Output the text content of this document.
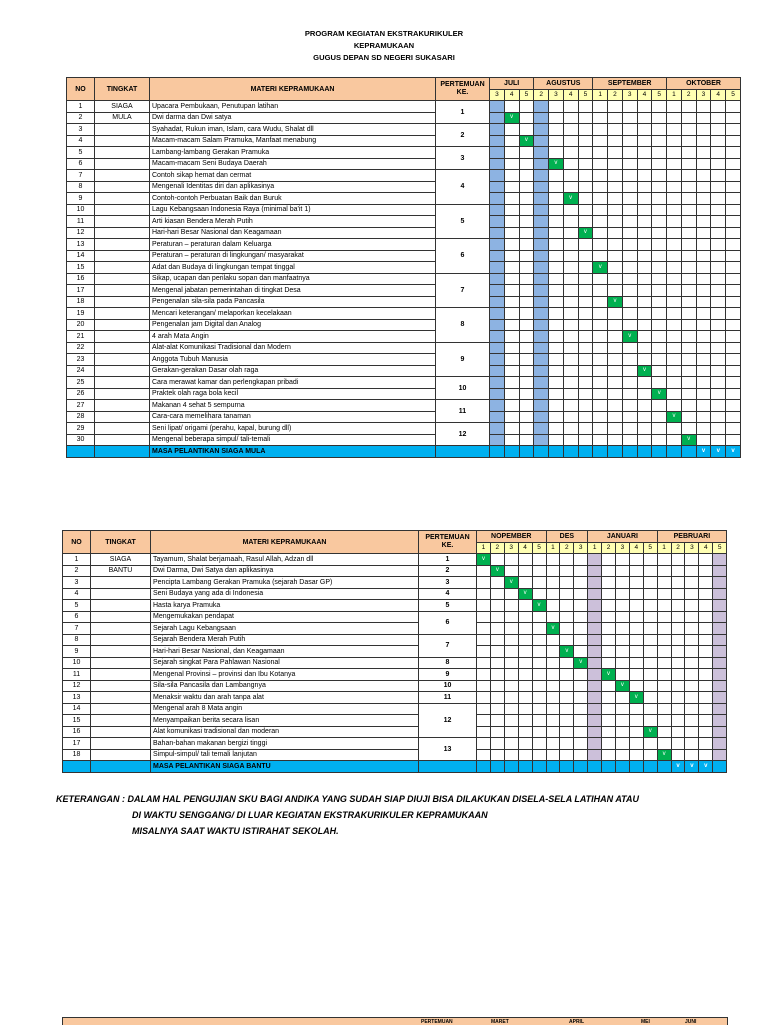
PROGRAM KEGIATAN EKSTRAKURIKULER
KEPRAMUKAAN
GUGUS DEPAN SD NEGERI SUKASARI
NO	TINGKAT	MATERI KEPRAMUKAAN	PERTEMUAN KE.	JULI			AGUSTUS				SEPTEMBER					OKTOBER				
				3	4	5	2	3	4	5	1	2	3	4	5	1	2	3	4	5
1	SIAGA	Upacara Pembukaan, Penutupan latihan	1																	
2	MULA	Dwi darma dan Dwi satya			v															
3		Syahadat, Rukun iman, Islam, cara Wudu, Shalat dll	2																	
4		Macam-macam Salam Pramuka, Manfaat menabung				v														
5		Lambang-lambang Gerakan Pramuka	3																	
6		Macam-macam Seni Budaya Daerah						v												
7		Contoh sikap hemat dan cermat	4																	
8		Mengenali Identitas diri dan aplikasinya																		
9		Contoh-contoh Perbuatan Baik dan Buruk							v											
10		Lagu Kebangsaan Indonesia Raya (minimal ba'it 1)	5																	
11		Arti kiasan Bendera Merah Putih																		
12		Hari-hari Besar Nasional dan Keagamaan								v										
13		Peraturan – peraturan dalam Keluarga	6																	
14		Peraturan – peraturan di lingkungan/ masyarakat																		
15		Adat dan Budaya di lingkungan tempat tinggal									v									
16		Sikap, ucapan dan perilaku sopan dan manfaatnya	7																	
17		Mengenal jabatan pemerintahan di tingkat Desa																		
18		Pengenalan sila-sila pada Pancasila										v								
19		Mencari keterangan/ melaporkan kecelakaan	8																	
20		Pengenalan jam Digital dan Analog																		
21		4 arah Mata Angin											v							
22		Alat-alat Komunikasi Tradisional dan Modern	9																	
23		Anggota Tubuh Manusia																		
24		Gerakan-gerakan Dasar olah raga												v						
25		Cara merawat kamar dan perlengkapan pribadi	10																	
26		Praktek olah raga bola kecil													v					
27		Makanan 4 sehat 5 sempurna	11																	
28		Cara-cara memelihara tanaman														v				
29		Seni lipat/ origami (perahu, kapal, burung dll)	12																	
30		Mengenal beberapa simpul/ tali-temali															v			
		MASA PELANTIKAN SIAGA MULA																v	v	v
NO	TINGKAT	MATERI KEPRAMUKAAN	PERTEMUAN KE.	NOPEMBER					DES			JANUARI					PEBRUARI				
				1	2	3	4	5	1	2	3	1	2	3	4	5	1	2	3	4	5
1	SIAGA	Tayamum, Shalat berjamaah, Rasul Allah, Adzan dll	1	v																	
2	BANTU	Dwi Darma, Dwi Satya dan aplikasinya	2		v																
3		Pencipta Lambang Gerakan Pramuka (sejarah Dasar GP)	3			v															
4		Seni Budaya yang ada di Indonesia	4				v														
5		Hasta karya Pramuka	5					v													
6		Mengemukakan pendapat	6																		
7		Sejarah Lagu Kebangsaan							v												
8		Sejarah Bendera Merah Putih	7																		
9		Hari-hari Besar Nasional, dan Keagamaan								v											
10		Sejarah singkat Para Pahlawan Nasional	8								v										
11		Mengenal Provinsi – provinsi dan Ibu Kotanya	9										v								
12		Sila-sila Pancasila dan Lambangnya	10											v							
13		Menaksir waktu dan arah tanpa alat	11												v						
14		Mengenal arah 8 Mata angin	12																		
15		Menyampaikan berita secara lisan																			
16		Alat komunikasi tradisional dan moderan														v					
17		Bahan-bahan makanan bergizi tinggi	13																		
18		Simpul-simpul/ tali temali lanjutan															v				
		MASA PELANTIKAN SIAGA BANTU																v	v	v	
KETERANGAN : DALAM HAL PENGUJIAN SKU BAGI ANDIKA YANG SUDAH SIAP DIUJI BISA DILAKUKAN DISELA-SELA LATIHAN ATAU
DI WAKTU SENGGANG/ DI LUAR KEGIATAN EKSTRAKURIKULER KEPRAMUKAAN
MISALNYA SAAT WAKTU ISTIRAHAT SEKOLAH.
PERTEMUAN	MARET	APRIL	MEI	JUNI
